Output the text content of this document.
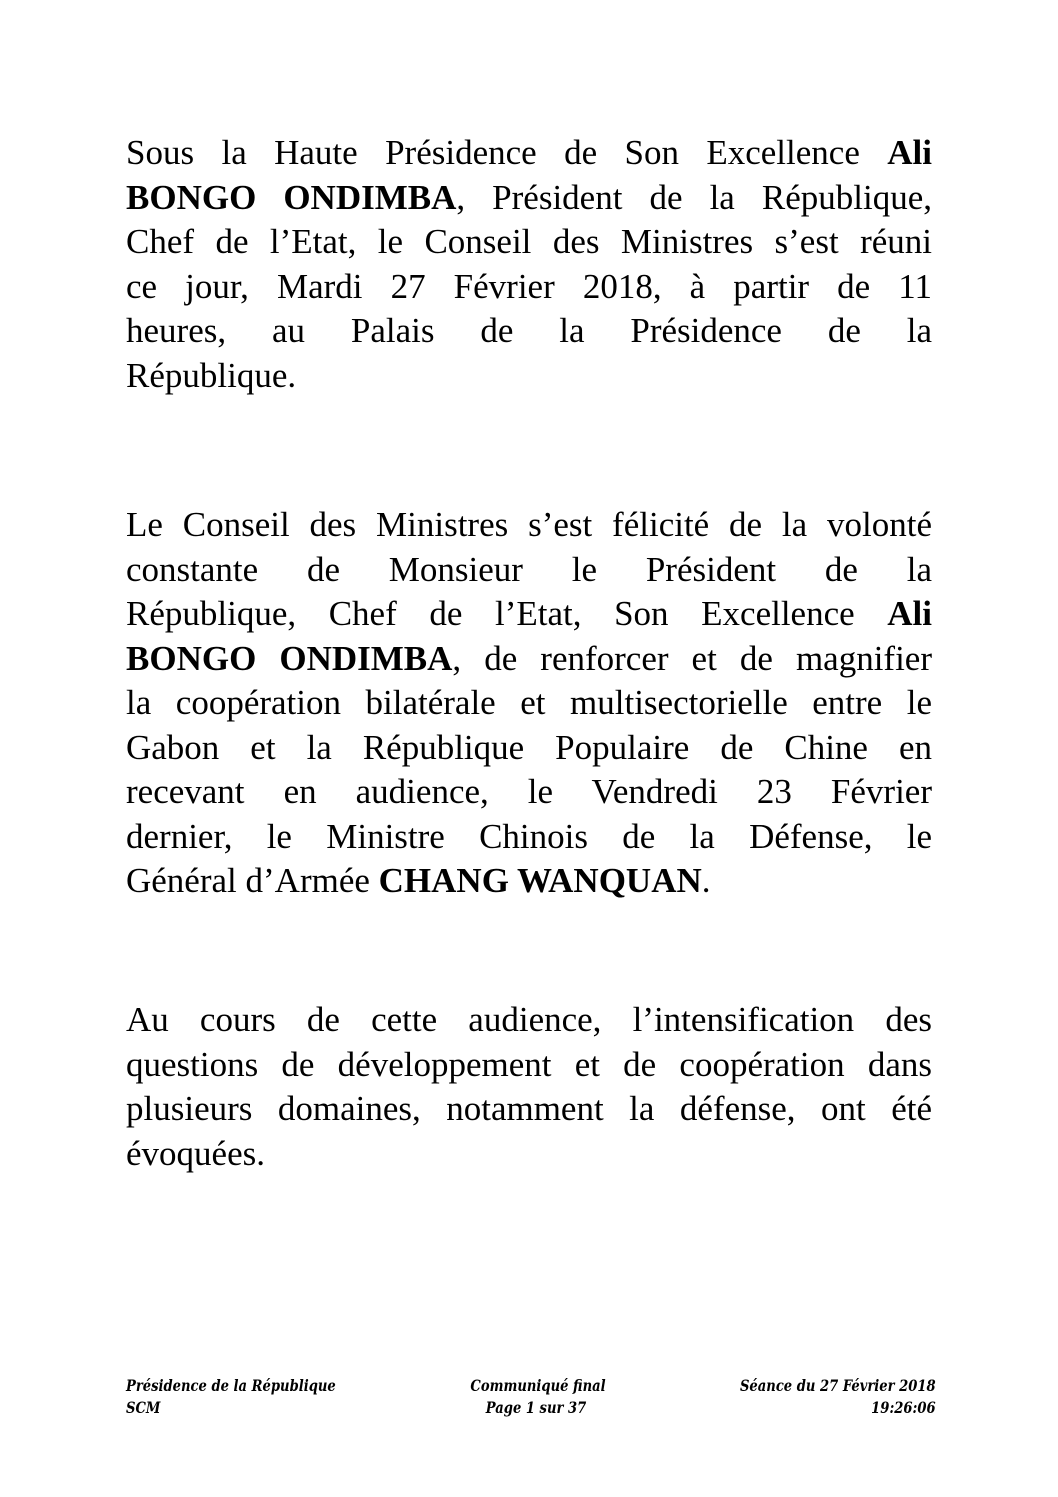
Sous la Haute Présidence de Son Excellence Ali
BONGO ONDIMBA, Président de la République,
Chef de l’Etat, le Conseil des Ministres s’est réuni
ce jour, Mardi 27 Février 2018, à partir de 11
heures, au Palais de la Présidence de la
République.
Le Conseil des Ministres s’est félicité de la volonté
constante de Monsieur le Président de la
République, Chef de l’Etat, Son Excellence Ali
BONGO ONDIMBA, de renforcer et de magnifier
la coopération bilatérale et multisectorielle entre le
Gabon et la République Populaire de Chine en
recevant en audience, le Vendredi 23 Février
dernier, le Ministre Chinois de la Défense, le
Général d’Armée CHANG WANQUAN.
Au cours de cette audience, l’intensification des
questions de développement et de coopération dans
plusieurs domaines, notamment la défense, ont été
évoquées.
Présidence de la République
SCM
Communiqué final
Page 1 sur 37
Séance du 27 Février 2018
19:26:06
